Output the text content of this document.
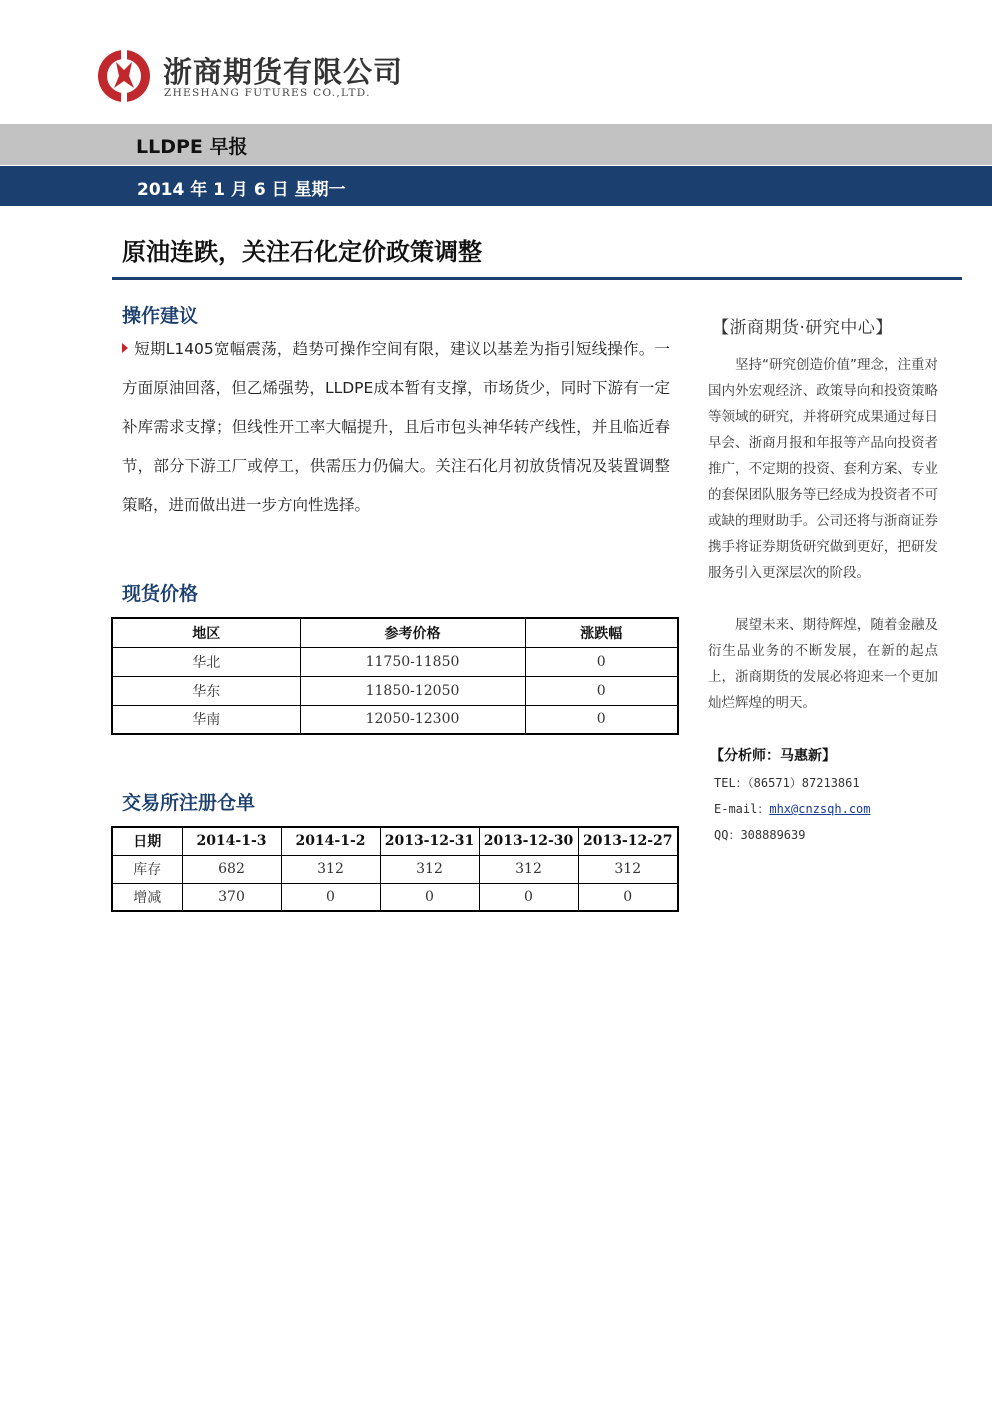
浙商期货有限公司
ZHESHANG FUTURES CO.,LTD.
LLDPE 早报
2014 年 1 月 6 日 星期一
原油连跌，关注石化定价政策调整
操作建议
短期L1405宽幅震荡，趋势可操作空间有限，建议以基差为指引短线操作。一方面原油回落，但乙烯强势，LLDPE成本暂有支撑，市场货少，同时下游有一定补库需求支撑；但线性开工率大幅提升，且后市包头神华转产线性，并且临近春节，部分下游工厂或停工，供需压力仍偏大。关注石化月初放货情况及装置调整策略，进而做出进一步方向性选择。
现货价格
地区	参考价格	涨跌幅
华北	11750-11850	0
华东	11850-12050	0
华南	12050-12300	0
交易所注册仓单
日期	2014-1-3	2014-1-2	2013-12-31	2013-12-30	2013-12-27
库存	682	312	312	312	312
增减	370	0	0	0	0
【浙商期货·研究中心】

坚持“研究创造价值”理念，注重对国内外宏观经济、政策导向和投资策略等领域的研究，并将研究成果通过每日早会、浙商月报和年报等产品向投资者推广，不定期的投资、套利方案、专业的套保团队服务等已经成为投资者不可或缺的理财助手。公司还将与浙商证券携手将证券期货研究做到更好，把研发服务引入更深层次的阶段。

展望未来、期待辉煌，随着金融及衍生品业务的不断发展，在新的起点上，浙商期货的发展必将迎来一个更加灿烂辉煌的明天。

【分析师：马惠新】
TEL：（86571）87213861
E-mail：mhx@cnzsqh.com
QQ：308889639
